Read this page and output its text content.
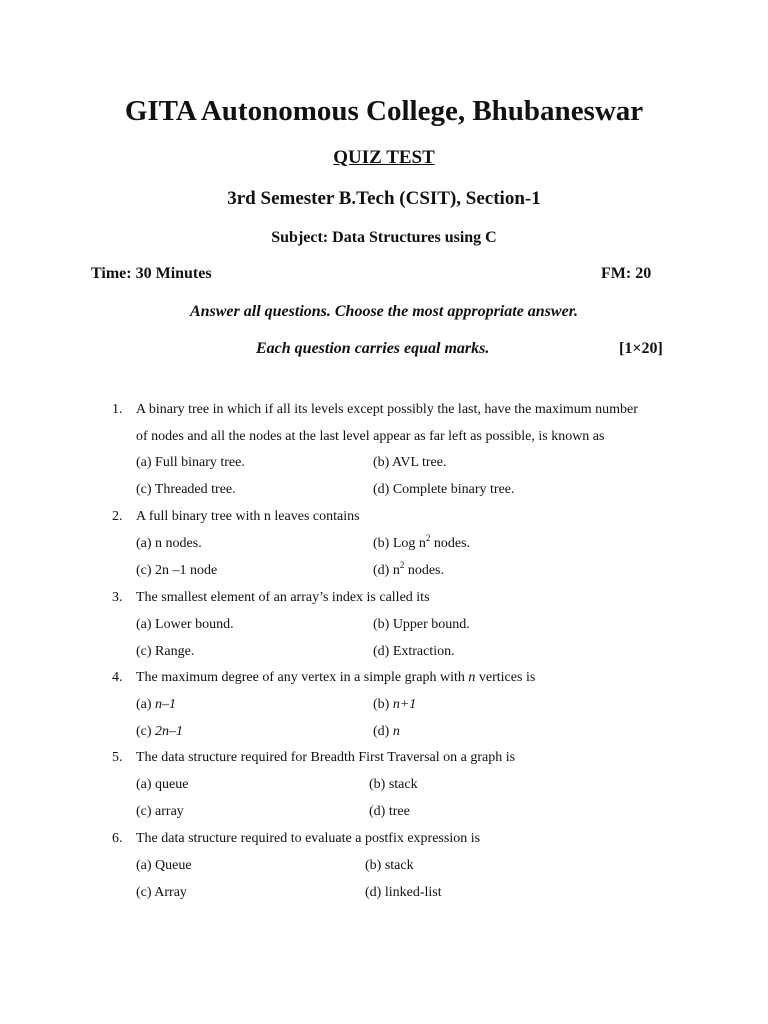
GITA Autonomous College, Bhubaneswar
QUIZ TEST
3rd Semester B.Tech (CSIT), Section-1
Subject: Data Structures using C
Time: 30 Minutes	FM: 20
Answer all questions. Choose the most appropriate answer.
Each question carries equal marks.	[1×20]
1. A binary tree in which if all its levels except possibly the last, have the maximum number
of nodes and all the nodes at the last level appear as far left as possible, is known as
(a) Full binary tree.	(b) AVL tree.
(c) Threaded tree.	(d) Complete binary tree.
2. A full binary tree with n leaves contains
(a) n nodes.	(b) Log $n^2$ nodes.
(c) 2n –1 node	(d) $n^2$ nodes.
3. The smallest element of an array’s index is called its
(a) Lower bound.	(b) Upper bound.
(c) Range.	(d) Extraction.
4. The maximum degree of any vertex in a simple graph with n vertices is
(a) n–1	(b) n+1
(c) 2n–1	(d) n
5. The data structure required for Breadth First Traversal on a graph is
(a) queue	(b) stack
(c) array	(d) tree
6. The data structure required to evaluate a postfix expression is
(a) Queue	(b) stack
(c) Array	(d) linked-list
